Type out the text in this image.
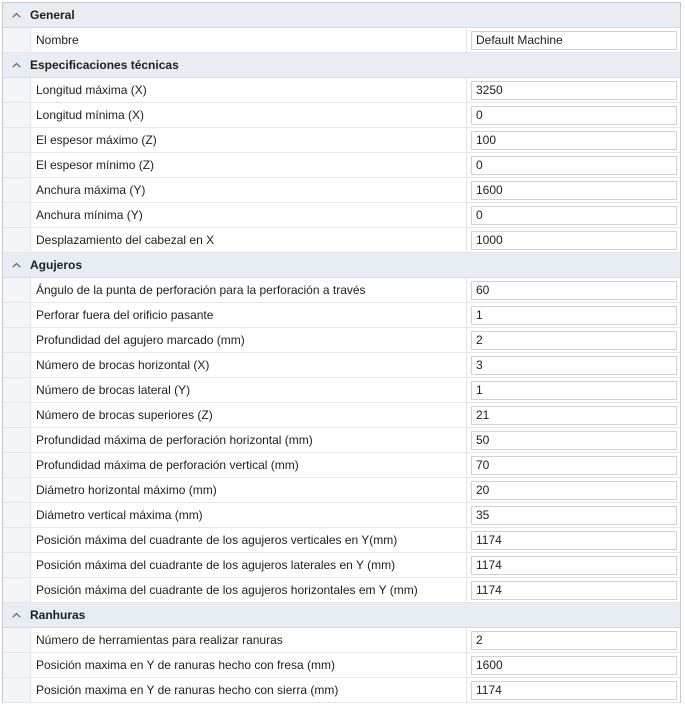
General
Nombre
Default Machine
Especificaciones técnicas
Longitud máxima (X)
3250
Longitud mínima (X)
0
El espesor máximo (Z)
100
El espesor mínimo (Z)
0
Anchura máxima (Y)
1600
Anchura mínima (Y)
0
Desplazamiento del cabezal en X
1000
Agujeros
Ángulo de la punta de perforación para la perforación a través
60
Perforar fuera del orificio pasante
1
Profundidad del agujero marcado (mm)
2
Número de brocas horizontal (X)
3
Número de brocas lateral (Y)
1
Número de brocas superiores (Z)
21
Profundidad máxima de perforación horizontal (mm)
50
Profundidad máxima de perforación vertical (mm)
70
Diámetro horizontal máximo (mm)
20
Diámetro vertical máxima (mm)
35
Posición máxima del cuadrante de los agujeros verticales en Y(mm)
1174
Posición máxima del cuadrante de los agujeros laterales en Y (mm)
1174
Posición máxima del cuadrante de los agujeros horizontales em Y (mm)
1174
Ranhuras
Número de herramientas para realizar ranuras
2
Posición maxima en Y de ranuras hecho con fresa (mm)
1600
Posición maxima en Y de ranuras hecho con sierra (mm)
1174
